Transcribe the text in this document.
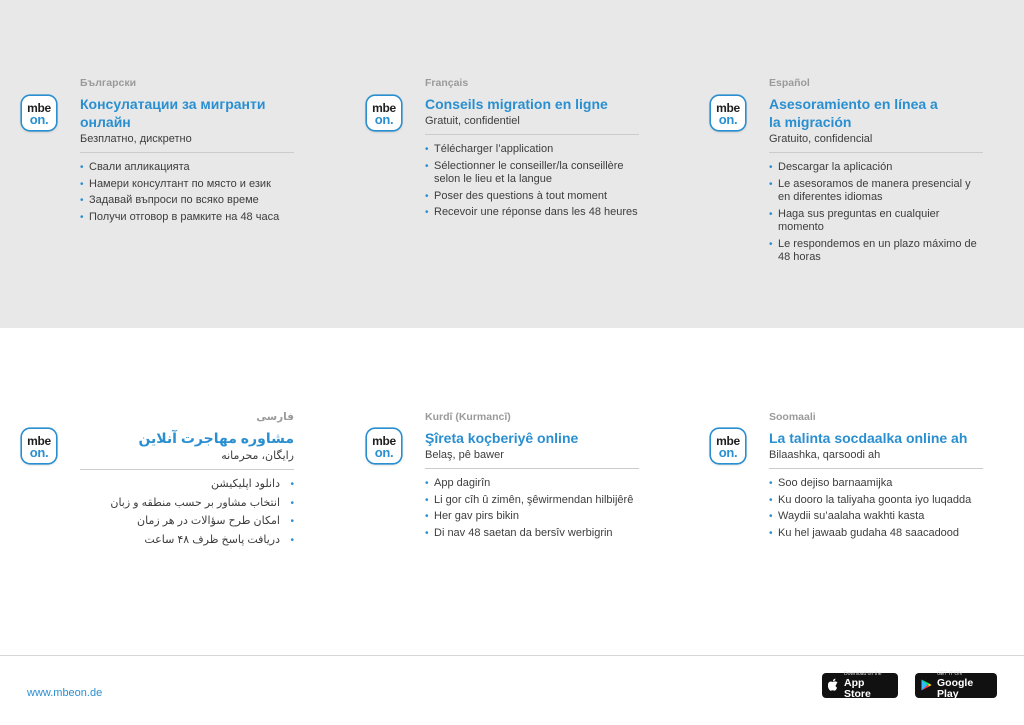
mbe
on.

Български

Консулатации за мигранти онлайн

Безплатно, дискретно

• Свали апликацията
• Намери консултант по място и език
• Задавай въпроси по всяко време
• Получи отговор в рамките на 48 часа
mbe
on.

Français

Conseils migration en ligne

Gratuit, confidentiel

• Télécharger l’application
• Sélectionner le conseiller/la conseillère selon le lieu et la langue
• Poser des questions à tout moment
• Recevoir une réponse dans les 48 heures
mbe
on.

Español

Asesoramiento en línea a la migración

Gratuito, confidencial

• Descargar la aplicación
• Le asesoramos de manera presencial y en diferentes idiomas
• Haga sus preguntas en cualquier momento
• Le respondemos en un plazo máximo de 48 horas
mbe
on.

فارسی

مشاوره مهاجرت آنلاین

رایگان، محرمانه

• دانلود اپلیکیشن
• انتخاب مشاور بر حسب منطقه و زبان
• امکان طرح سؤالات در هر زمان
• دریافت پاسخ ظرف ۴۸ ساعت
mbe
on.

Kurdî (Kurmancî)

Şîreta koçberiyê online

Belaş, pê bawer

• App dagirîn
• Li gor cîh û zimên, şêwirmendan hilbijêrê
• Her gav pirs bikin
• Di nav 48 saetan da bersîv werbigrin
mbe
on.

Soomaali

La talinta socdaalka online ah

Bilaashka, qarsoodi ah

• Soo dejiso barnaamijka
• Ku dooro la taliyaha goonta iyo luqadda
• Waydii su’aalaha wakhti kasta
• Ku hel jawaab gudaha 48 saacadood
www.mbeon.de
Download on the
App Store
GET IT ON
Google Play
